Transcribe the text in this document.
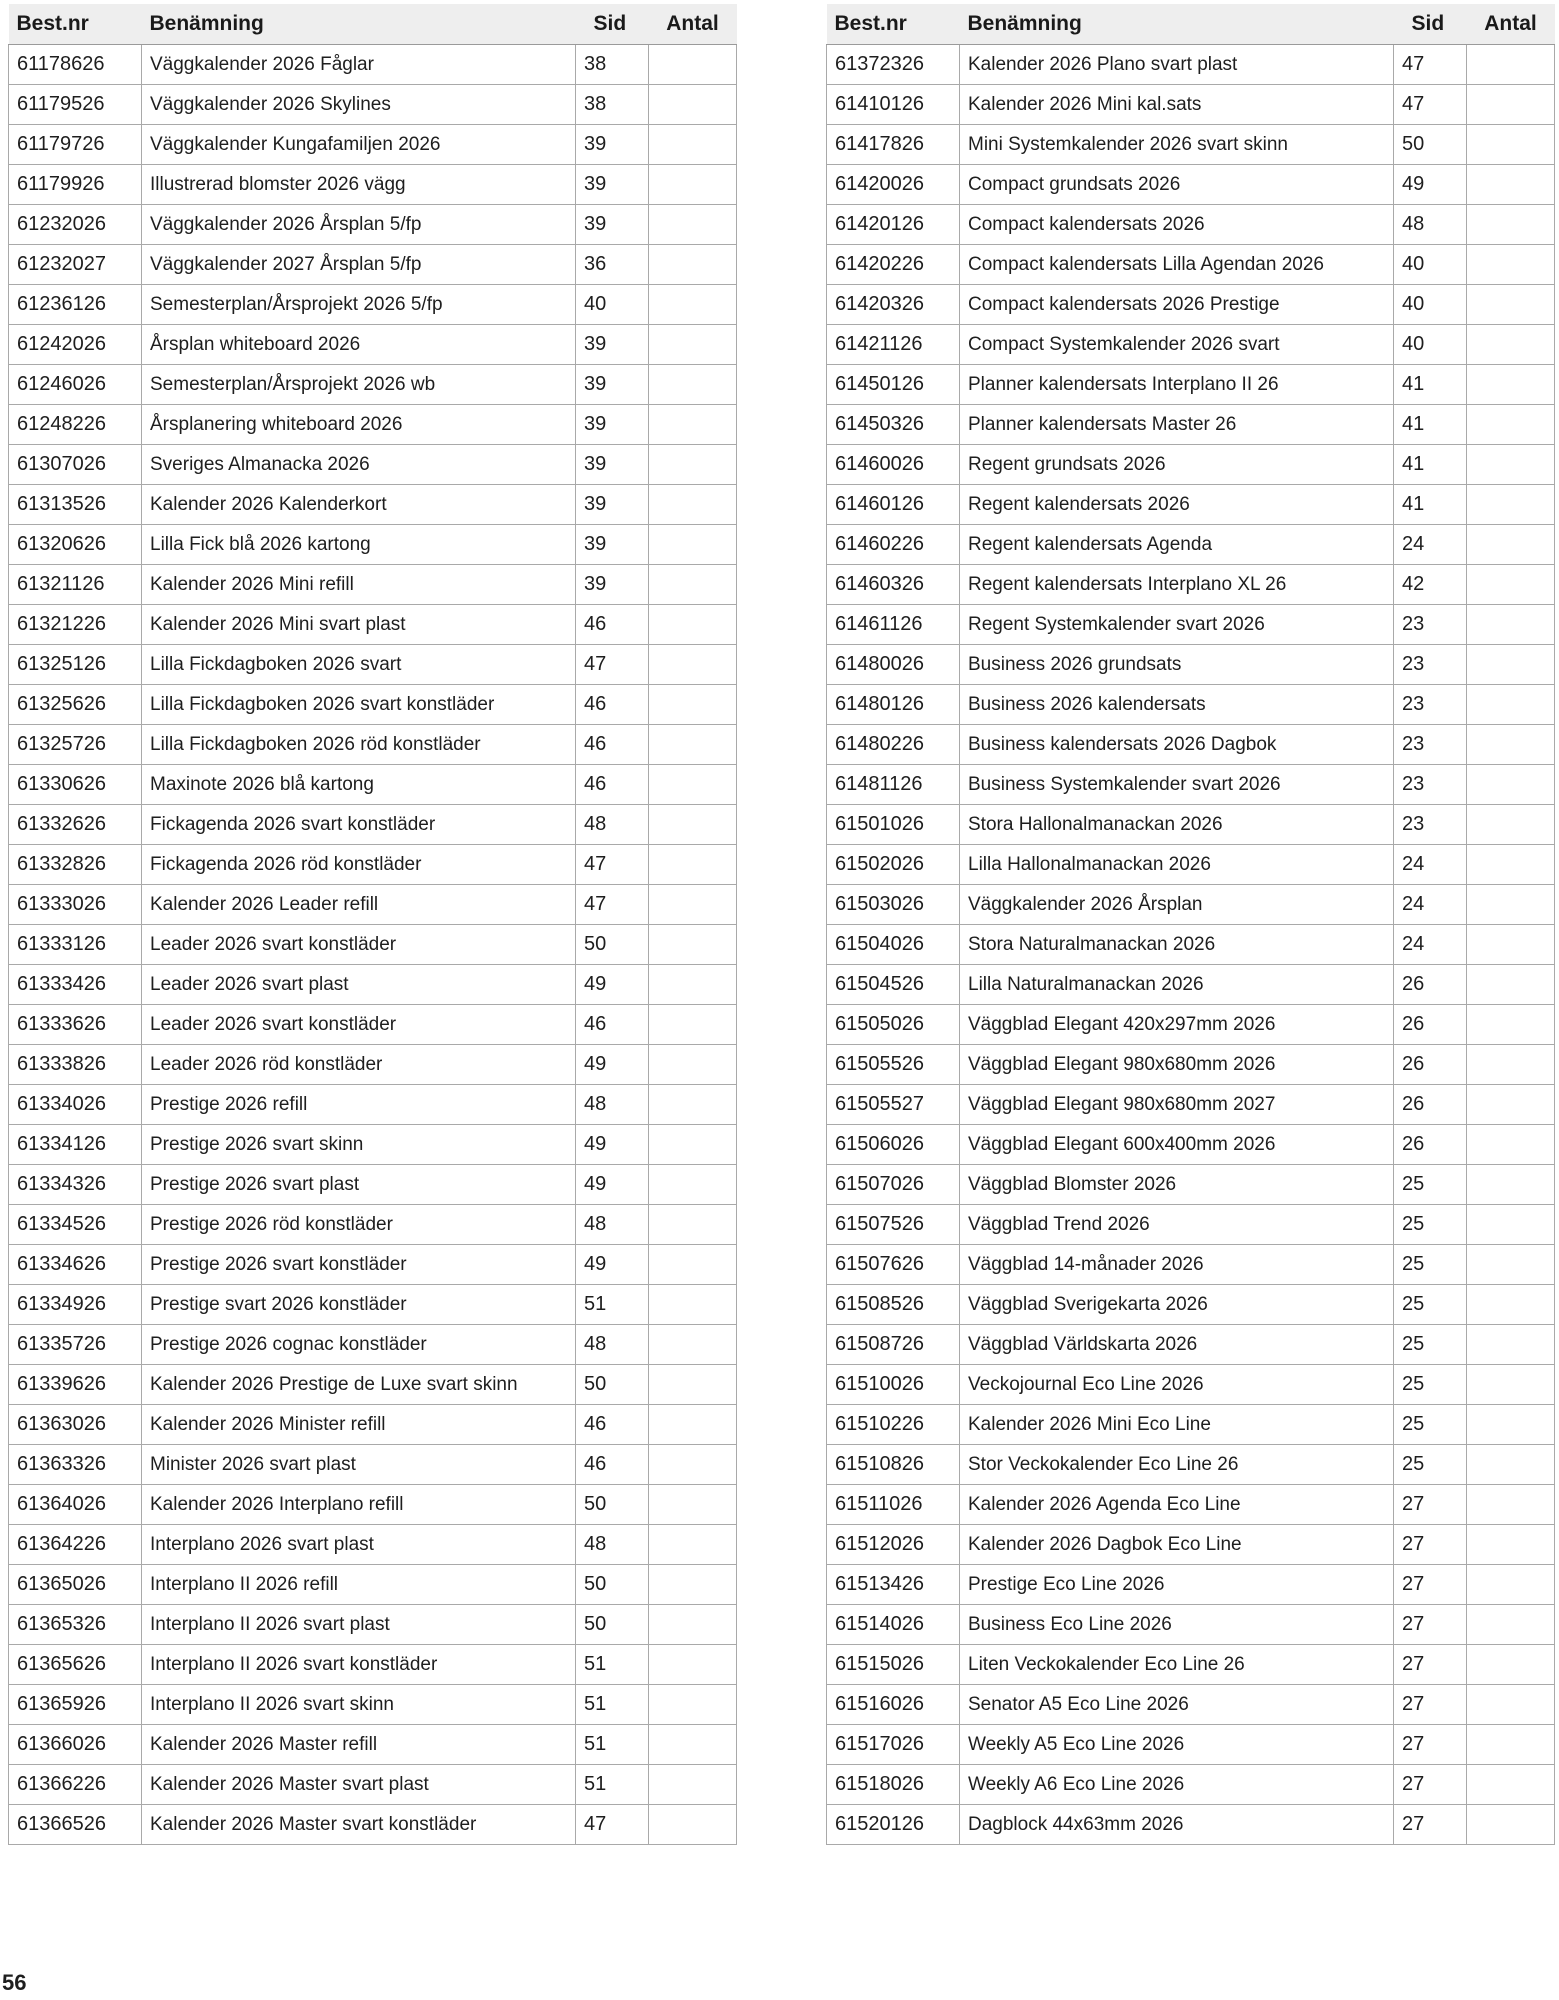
Best.nr	Benämning	Sid	Antal
61178626	Väggkalender 2026 Fåglar	38	
61179526	Väggkalender 2026 Skylines	38	
61179726	Väggkalender Kungafamiljen 2026	39	
61179926	Illustrerad blomster 2026 vägg	39	
61232026	Väggkalender 2026 Årsplan 5/fp	39	
61232027	Väggkalender 2027 Årsplan 5/fp	36	
61236126	Semesterplan/Årsprojekt 2026 5/fp	40	
61242026	Årsplan whiteboard 2026	39	
61246026	Semesterplan/Årsprojekt 2026 wb	39	
61248226	Årsplanering whiteboard 2026	39	
61307026	Sveriges Almanacka 2026	39	
61313526	Kalender 2026 Kalenderkort	39	
61320626	Lilla Fick blå 2026 kartong	39	
61321126	Kalender 2026 Mini refill	39	
61321226	Kalender 2026 Mini svart plast	46	
61325126	Lilla Fickdagboken 2026 svart	47	
61325626	Lilla Fickdagboken 2026 svart konstläder	46	
61325726	Lilla Fickdagboken 2026 röd konstläder	46	
61330626	Maxinote 2026 blå kartong	46	
61332626	Fickagenda 2026 svart konstläder	48	
61332826	Fickagenda 2026 röd konstläder	47	
61333026	Kalender 2026 Leader refill	47	
61333126	Leader 2026 svart konstläder	50	
61333426	Leader 2026 svart plast	49	
61333626	Leader 2026 svart konstläder	46	
61333826	Leader 2026 röd konstläder	49	
61334026	Prestige 2026 refill	48	
61334126	Prestige 2026 svart skinn	49	
61334326	Prestige 2026 svart plast	49	
61334526	Prestige 2026 röd konstläder	48	
61334626	Prestige 2026 svart konstläder	49	
61334926	Prestige svart 2026 konstläder	51	
61335726	Prestige 2026 cognac konstläder	48	
61339626	Kalender 2026 Prestige de Luxe svart skinn	50	
61363026	Kalender 2026 Minister refill	46	
61363326	Minister 2026 svart plast	46	
61364026	Kalender 2026 Interplano refill	50	
61364226	Interplano 2026 svart plast	48	
61365026	Interplano II 2026 refill	50	
61365326	Interplano II 2026 svart plast	50	
61365626	Interplano II 2026 svart konstläder	51	
61365926	Interplano II 2026 svart skinn	51	
61366026	Kalender 2026 Master refill	51	
61366226	Kalender 2026 Master svart plast	51	
61366526	Kalender 2026 Master svart konstläder	47	
Best.nr	Benämning	Sid	Antal
61372326	Kalender 2026 Plano svart plast	47	
61410126	Kalender 2026 Mini kal.sats	47	
61417826	Mini Systemkalender 2026 svart skinn	50	
61420026	Compact grundsats 2026	49	
61420126	Compact kalendersats 2026	48	
61420226	Compact kalendersats Lilla Agendan 2026	40	
61420326	Compact kalendersats 2026 Prestige	40	
61421126	Compact Systemkalender 2026 svart	40	
61450126	Planner kalendersats Interplano II 26	41	
61450326	Planner kalendersats Master 26	41	
61460026	Regent grundsats 2026	41	
61460126	Regent kalendersats 2026	41	
61460226	Regent kalendersats Agenda	24	
61460326	Regent kalendersats Interplano XL 26	42	
61461126	Regent Systemkalender svart 2026	23	
61480026	Business 2026 grundsats	23	
61480126	Business 2026 kalendersats	23	
61480226	Business kalendersats 2026 Dagbok	23	
61481126	Business Systemkalender svart 2026	23	
61501026	Stora Hallonalmanackan 2026	23	
61502026	Lilla Hallonalmanackan 2026	24	
61503026	Väggkalender 2026 Årsplan	24	
61504026	Stora Naturalmanackan 2026	24	
61504526	Lilla Naturalmanackan 2026	26	
61505026	Väggblad Elegant 420x297mm 2026	26	
61505526	Väggblad Elegant 980x680mm 2026	26	
61505527	Väggblad Elegant 980x680mm 2027	26	
61506026	Väggblad Elegant 600x400mm 2026	26	
61507026	Väggblad Blomster 2026	25	
61507526	Väggblad Trend 2026	25	
61507626	Väggblad 14-månader 2026	25	
61508526	Väggblad Sverigekarta 2026	25	
61508726	Väggblad Världskarta 2026	25	
61510026	Veckojournal Eco Line 2026	25	
61510226	Kalender 2026 Mini Eco Line	25	
61510826	Stor Veckokalender Eco Line 26	25	
61511026	Kalender 2026 Agenda Eco Line	27	
61512026	Kalender 2026 Dagbok Eco Line	27	
61513426	Prestige Eco Line 2026	27	
61514026	Business Eco Line 2026	27	
61515026	Liten Veckokalender Eco Line 26	27	
61516026	Senator A5 Eco Line 2026	27	
61517026	Weekly A5 Eco Line 2026	27	
61518026	Weekly A6 Eco Line 2026	27	
61520126	Dagblock 44x63mm 2026	27	
56
